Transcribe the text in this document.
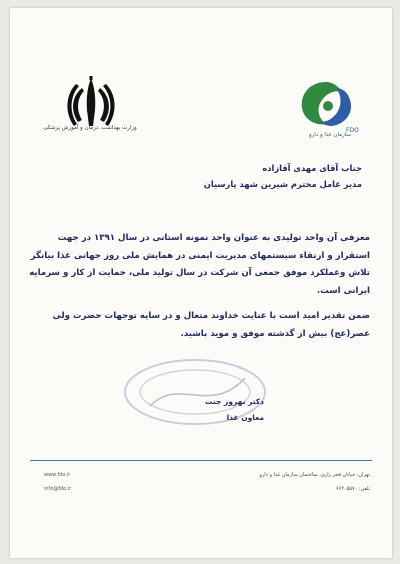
وزارت بهداشت، درمان و آموزش پزشکی	FDO
سازمان غذا و دارو
جناب آقای مهدی آقازاده
مدیر عامل محترم شیرین شهد پارسیان

معرفی آن واحد تولیدی به عنوان واحد نمونه استانی در سال ۱۳۹۱ در جهت استقرار و ارتقاء سیستمهای مدیریت ایمنی در همایش ملی روز جهانی غذا بیانگر تلاش وعملکرد موفق جمعی آن شرکت در سال تولید ملی، حمایت از کار و سرمایه ایرانی است.

ضمن تقدیر امید است با عنایت خداوند متعال و در سایه توجهات حضرت ولی عصر(عج) بیش از گذشته موفق و موید باشید.

دکتر بهروز جنت
معاون غذا
تهران، خیابان فخر رازی، ساختمان سازمان غذا و دارو
تلفن: ۶۶۴۰۵۵۷۰
www.fdo.ir
info@fdo.ir
